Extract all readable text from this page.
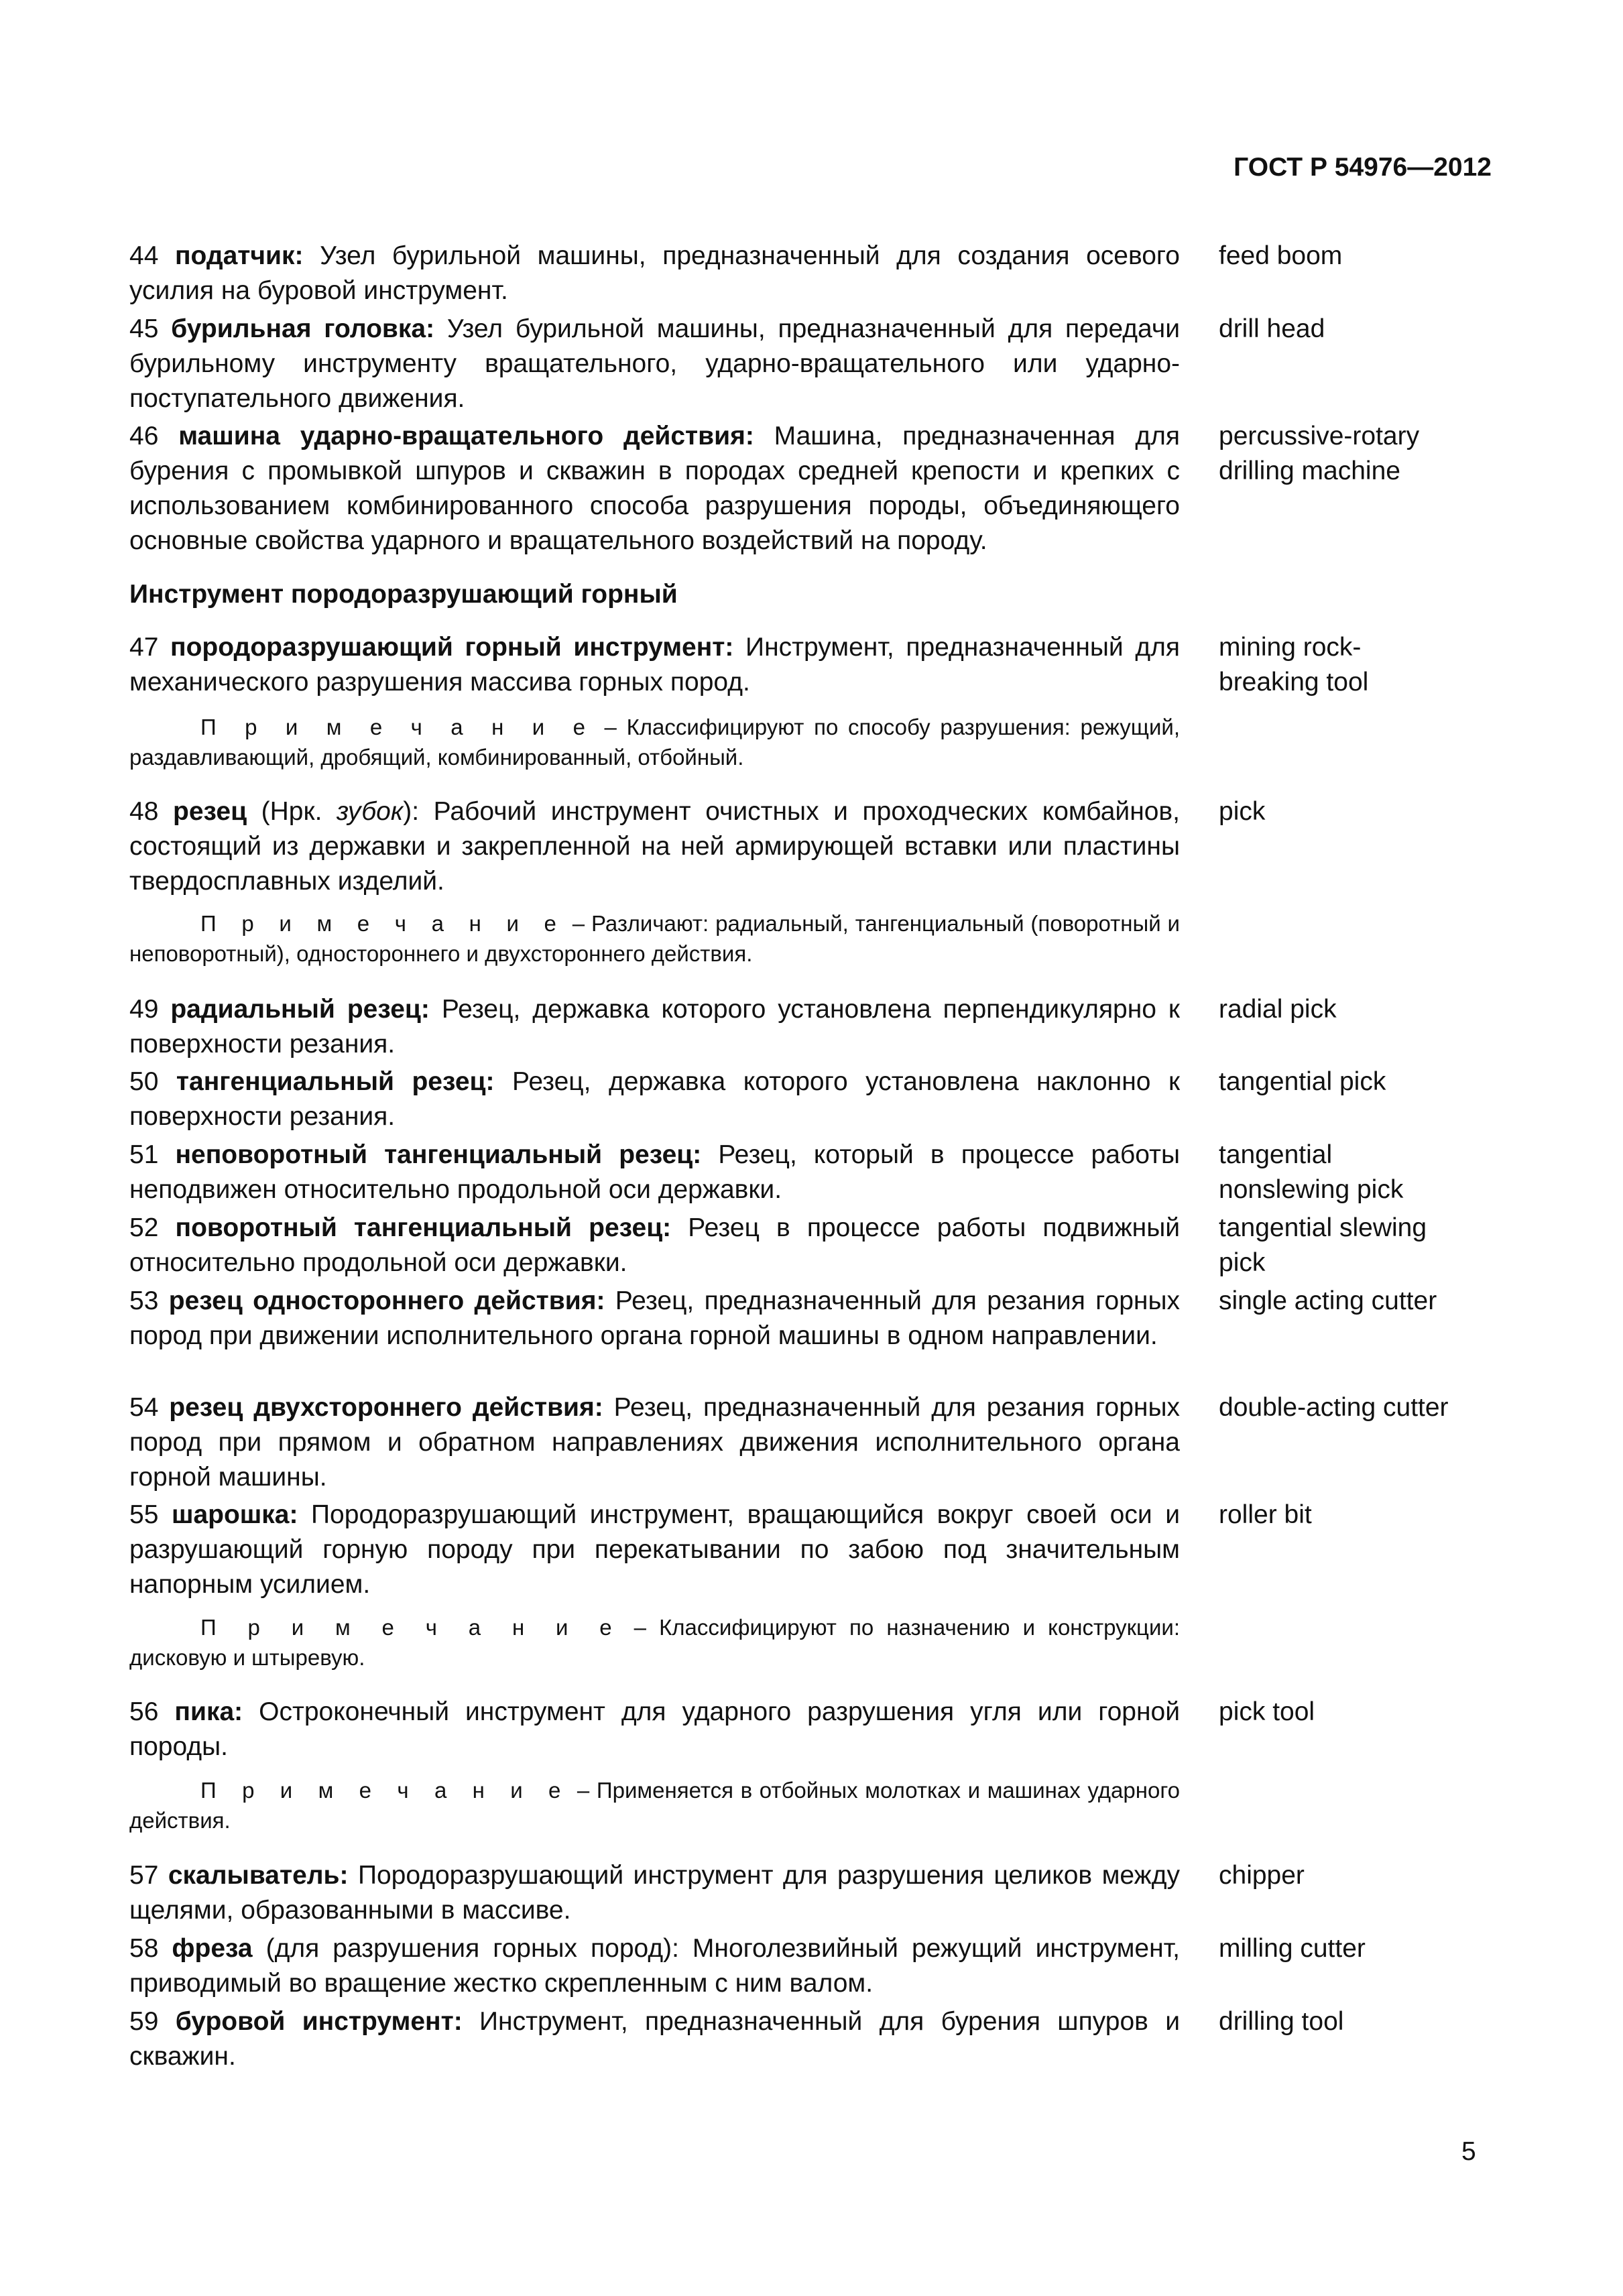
ГОСТ Р 54976—2012

44 податчик: Узел бурильной машины, предназначенный для создания осевого усилия на буровой инструмент.

feed boom

45 бурильная головка: Узел бурильной машины, предназначенный для передачи бурильному инструменту вращательного, ударно-вращательного или ударно-поступательного движения.

drill head

46 машина ударно-вращательного действия: Машина, предназначенная для бурения с промывкой шпуров и скважин в породах средней крепости и крепких с использованием комбинированного способа разрушения породы, объединяющего основные свойства ударного и вращательного воздействий на породу.

percussive-rotary drilling machine

Инструмент породоразрушающий горный

47 породоразрушающий горный инструмент: Инструмент, предназначенный для механического разрушения массива горных пород.

mining rock-breaking tool

П р и м е ч а н и е – Классифицируют по способу разрушения: режущий, раздавливающий, дробящий, комбинированный, отбойный.

48 резец (Нрк. зубок): Рабочий инструмент очистных и проходческих комбайнов, состоящий из державки и закрепленной на ней армирующей вставки или пластины твердосплавных изделий.

pick

П р и м е ч а н и е – Различают: радиальный, тангенциальный (поворотный и неповоротный), одностороннего и двухстороннего действия.

49 радиальный резец: Резец, державка которого установлена перпендикулярно к поверхности резания.

radial pick

50 тангенциальный резец: Резец, державка которого установлена наклонно к поверхности резания.

tangential pick

51 неповоротный тангенциальный резец: Резец, который в процессе работы неподвижен относительно продольной оси державки.

tangential nonslewing pick

52 поворотный тангенциальный резец: Резец в процессе работы подвижный относительно продольной оси державки.

tangential slewing pick

53 резец одностороннего действия: Резец, предназначенный для резания горных пород при движении исполнительного органа горной машины в одном направлении.

single acting cutter

54 резец двухстороннего действия: Резец, предназначенный для резания горных пород при прямом и обратном направлениях движения исполнительного органа горной машины.

double-acting cutter

55 шарошка: Породоразрушающий инструмент, вращающийся вокруг своей оси и разрушающий горную породу при перекатывании по забою под значительным напорным усилием.

roller bit

П р и м е ч а н и е – Классифицируют по назначению и конструкции: дисковую и штыревую.

56 пика: Остроконечный инструмент для ударного разрушения угля или горной породы.

pick tool

П р и м е ч а н и е – Применяется в отбойных молотках и машинах ударного действия.

57 скалыватель: Породоразрушающий инструмент для разрушения целиков между щелями, образованными в массиве.

chipper

58 фреза (для разрушения горных пород): Многолезвийный режущий инструмент, приводимый во вращение жестко скрепленным с ним валом.

milling cutter

59 буровой инструмент: Инструмент, предназначенный для бурения шпуров и скважин.

drilling tool

5
